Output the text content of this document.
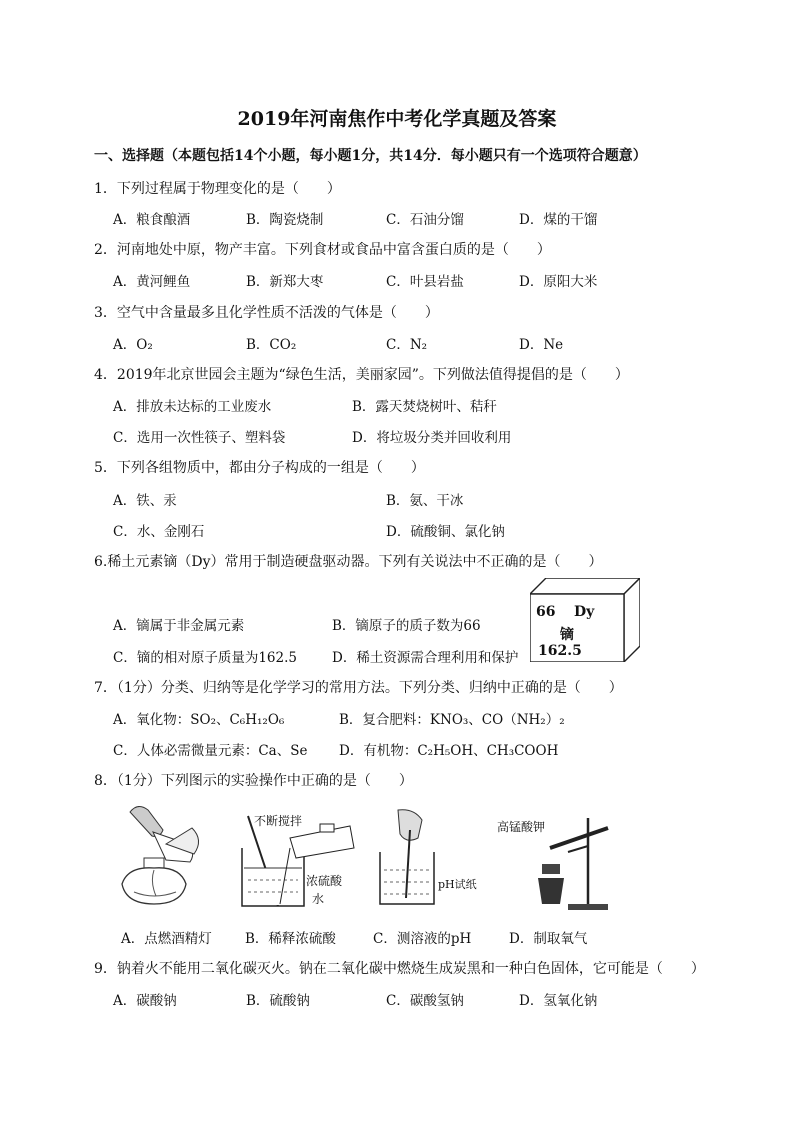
2019年河南焦作中考化学真题及答案
一、选择题（本题包括14个小题，每小题1分，共14分．每小题只有一个选项符合题意）
1．下列过程属于物理变化的是（　　）
A．粮食酿酒	B．陶瓷烧制	C．石油分馏	D．煤的干馏
2．河南地处中原，物产丰富。下列食材或食品中富含蛋白质的是（　　）
A．黄河鲤鱼	B．新郑大枣	C．叶县岩盐	D．原阳大米
3．空气中含量最多且化学性质不活泼的气体是（　　）
A．O₂	B．CO₂	C．N₂	D．Ne
4．2019年北京世园会主题为“绿色生活，美丽家园”。下列做法值得提倡的是（　　）
A．排放未达标的工业废水	B．露天焚烧树叶、秸秆
C．选用一次性筷子、塑料袋	D．将垃圾分类并回收利用
5．下列各组物质中，都由分子构成的一组是（　　）
A．铁、汞	B．氨、干冰
C．水、金刚石	D．硫酸铜、氯化钠
6.稀土元素镝（Dy）常用于制造硬盘驱动器。下列有关说法中不正确的是（　　）
A．镝属于非金属元素	B．镝原子的质子数为66
C．镝的相对原子质量为162.5	D．稀土资源需合理利用和保护
66 Dy
镝
162.5
7．（1分）分类、归纳等是化学学习的常用方法。下列分类、归纳中正确的是（　　）
A．氧化物：SO₂、C₆H₁₂O₆	B．复合肥料：KNO₃、CO（NH₂）₂
C．人体必需微量元素：Ca、Se D．有机物：C₂H₅OH、CH₃COOH
8．（1分）下列图示的实验操作中正确的是（　　）
不断搅拌
浓硫酸
水
pH试纸
高锰酸钾
A．点燃酒精灯 B．稀释浓硫酸	C．测溶液的pH	D．制取氧气
9．钠着火不能用二氧化碳灭火。钠在二氧化碳中燃烧生成炭黑和一种白色固体，它可能是（　　）
A．碳酸钠	B．硫酸钠	C．碳酸氢钠	D．氢氧化钠
